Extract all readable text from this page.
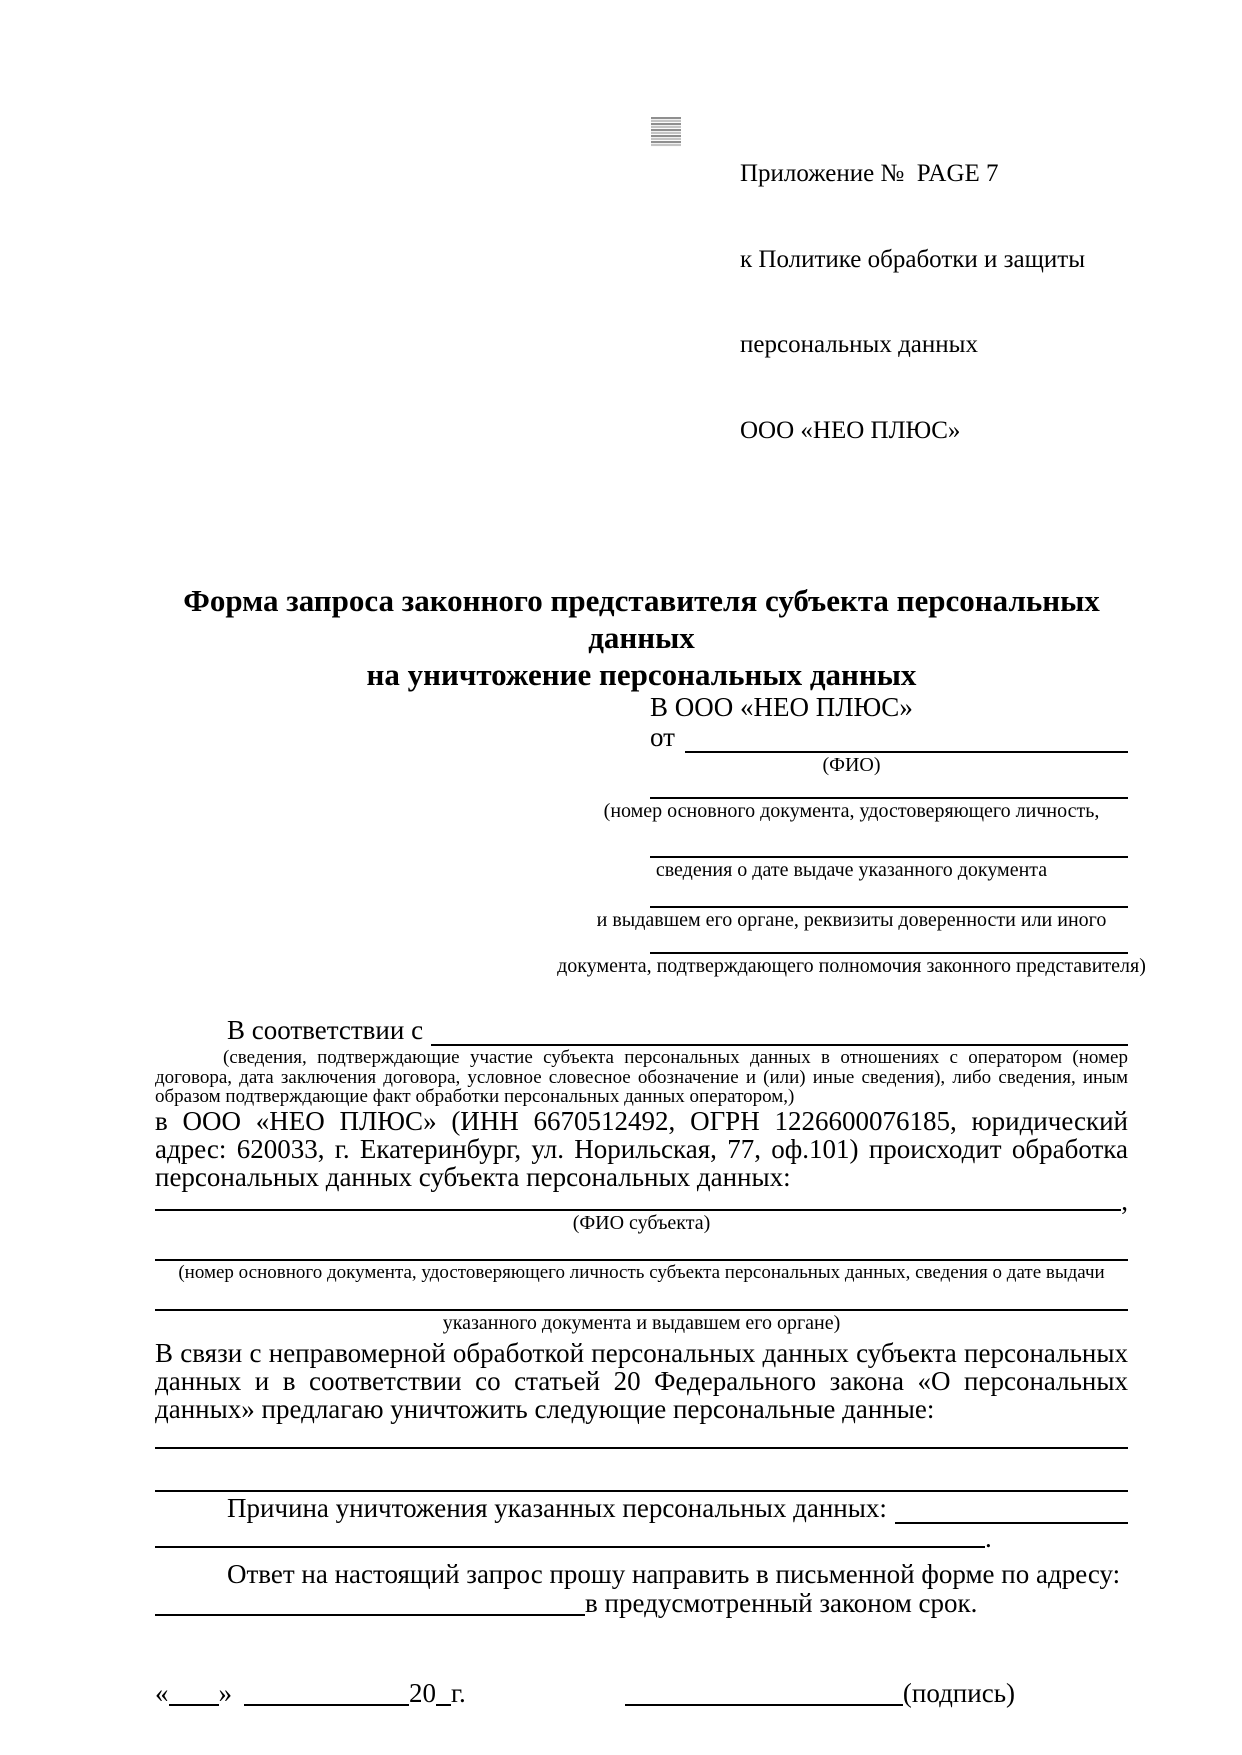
Приложение №  PAGE 7

к Политике обработки и защиты

персональных данных

ООО «НЕО ПЛЮС»

Форма запроса законного представителя субъекта персональных данных
на уничтожение персональных данных
В ООО «НЕО ПЛЮС»
от
(ФИО)
(номер основного документа, удостоверяющего личность,
сведения о дате выдаче указанного документа
и выдавшем его органе, реквизиты доверенности или иного
документа, подтверждающего полномочия законного представителя)
В соответствии с

(сведения, подтверждающие участие субъекта персональных данных в отношениях с оператором (номер договора, дата заключения договора, условное словесное обозначение и (или) иные сведения), либо сведения, иным образом подтверждающие факт обработки персональных данных оператором,)

в ООО «НЕО ПЛЮС» (ИНН 6670512492, ОГРН 1226600076185, юридический адрес: 620033, г. Екатеринбург, ул. Норильская, 77, оф.101) происходит обработка персональных данных субъекта персональных данных:

,
(ФИО субъекта)
(номер основного документа, удостоверяющего личность субъекта персональных данных, сведения о дате выдачи
указанного документа и выдавшем его органе)

В связи с неправомерной обработкой персональных данных субъекта персональных данных и в соответствии со статьей 20 Федерального закона «О персональных данных» предлагаю уничтожить следующие персональные данные:

Причина уничтожения указанных персональных данных:
.

Ответ на настоящий запрос прошу направить в письменной форме по адресу:

в предусмотренный законом срок.
« »	20 г.	(подпись)
